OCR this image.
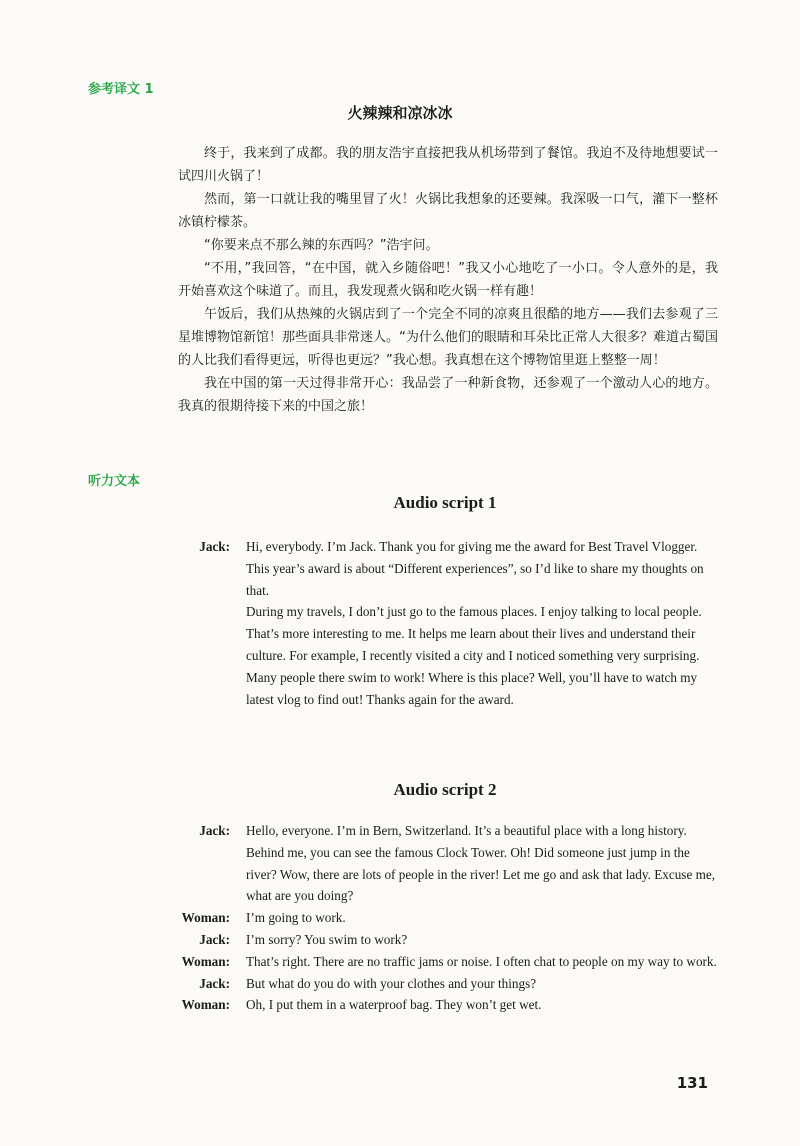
参考译文 1
火辣辣和凉冰冰

终于，我来到了成都。我的朋友浩宇直接把我从机场带到了餐馆。我迫不及待地想要试一试四川火锅了！

然而，第一口就让我的嘴里冒了火！火锅比我想象的还要辣。我深吸一口气，灌下一整杯冰镇柠檬茶。

“你要来点不那么辣的东西吗？”浩宇问。

“不用，”我回答，“在中国，就入乡随俗吧！”我又小心地吃了一小口。令人意外的是，我开始喜欢这个味道了。而且，我发现煮火锅和吃火锅一样有趣！

午饭后，我们从热辣的火锅店到了一个完全不同的凉爽且很酷的地方——我们去参观了三星堆博物馆新馆！那些面具非常迷人。“为什么他们的眼睛和耳朵比正常人大很多？难道古蜀国的人比我们看得更远，听得也更远？”我心想。我真想在这个博物馆里逛上整整一周！

我在中国的第一天过得非常开心：我品尝了一种新食物，还参观了一个激动人心的地方。我真的很期待接下来的中国之旅！

听力文本
Audio script 1
Jack:	Hi, everybody. I’m Jack. Thank you for giving me the award for Best Travel Vlogger. This year’s award is about “Different experiences”, so I’d like to share my thoughts on that.

During my travels, I don’t just go to the famous places. I enjoy talking to local people. That’s more interesting to me. It helps me learn about their lives and understand their culture. For example, I recently visited a city and I noticed something very surprising. Many people there swim to work! Where is this place? Well, you’ll have to watch my latest vlog to find out! Thanks again for the award.

Audio script 2
Jack:	Hello, everyone. I’m in Bern, Switzerland. It’s a beautiful place with a long history. Behind me, you can see the famous Clock Tower. Oh! Did someone just jump in the river? Wow, there are lots of people in the river! Let me go and ask that lady. Excuse me, what are you doing?
Woman:	I’m going to work.
Jack:	I’m sorry? You swim to work?
Woman:	That’s right. There are no traffic jams or noise. I often chat to people on my way to work.
Jack:	But what do you do with your clothes and your things?
Woman:	Oh, I put them in a waterproof bag. They won’t get wet.
131
